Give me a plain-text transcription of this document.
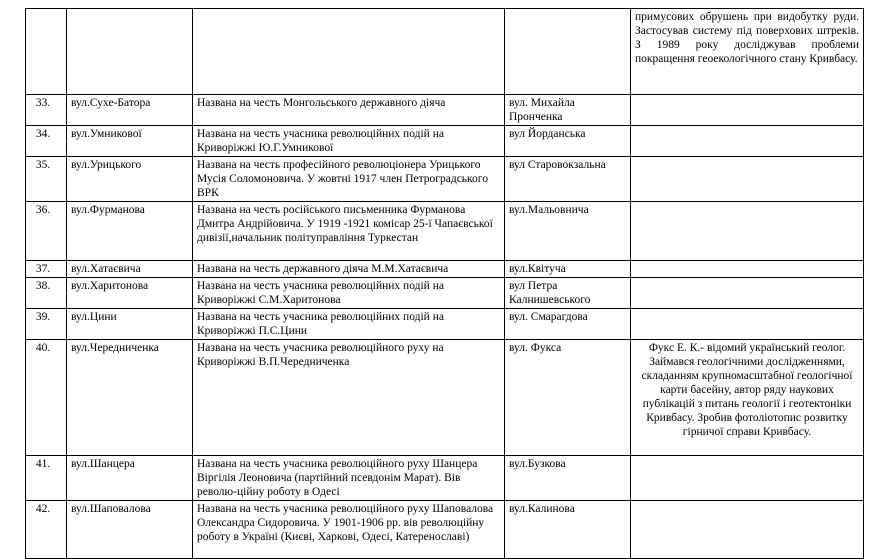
				примусових обрушень при видобутку руди. Застосував систему під поверхових штреків. З 1989 року досліджував проблеми покращення геоекологічного стану Кривбасу.
33.	вул.Сухе-Батора	Названа на честь Монгольського державного діяча	вул. Михайла Пронченка	
34.	вул.Умникової	Названа на честь учасника революційних подій на Криворіжжі Ю.Г.Умникової	вул Йорданська	
35.	вул.Урицького	Названа на честь професійного революціонера Урицького Мусія Соломоновича. У жовтні 1917 член Петроградського ВРК	вул Старовокзальна	
36.	вул.Фурманова	Названа на честь російського письменника Фурманова Дмитра Андрійовича. У 1919 -1921 комісар 25-ї Чапаєвської дивізії,начальник політуправління Туркестан	вул.Мальовнича	
37.	вул.Хатаєвича	Названа на честь державного діяча М.М.Хатаєвича	вул.Квітуча	
38.	вул.Харитонова	Названа на честь учасника революційних подій на Криворіжжі С.М.Харитонова	вул Петра Калнишевського	
39.	вул.Цини	Названа на честь учасника революційних подій на Криворіжжі П.С.Цини	вул. Смарагдова	
40.	вул.Чередниченка	Названа на честь учасника революційного руху на Криворіжжі В.П.Чередниченка	вул. Фукса	Фукс Е. К.- відомий український геолог. Займався геологічними дослідженнями, складанням крупномасштабної геологічної карти басейну, автор ряду наукових публікацій з питань геології і геотектоніки Кривбасу. Зробив фотоліотопис розвитку гірничої справи Кривбасу.
41.	вул.Шанцера	Названа на честь учасника революційного руху Шанцера Віргілія Леоновича (партійний псевдонім Марат). Вів револю-ційну роботу в Одесі	вул.Бузкова	
42.	вул.Шаповалова	Названа на честь учасника революційного руху Шаповалова Олександра Сидоровича. У 1901-1906 рр. вів революційну роботу в Україні (Києві, Харкові, Одесі, Катеренославі)	вул.Калинова	
